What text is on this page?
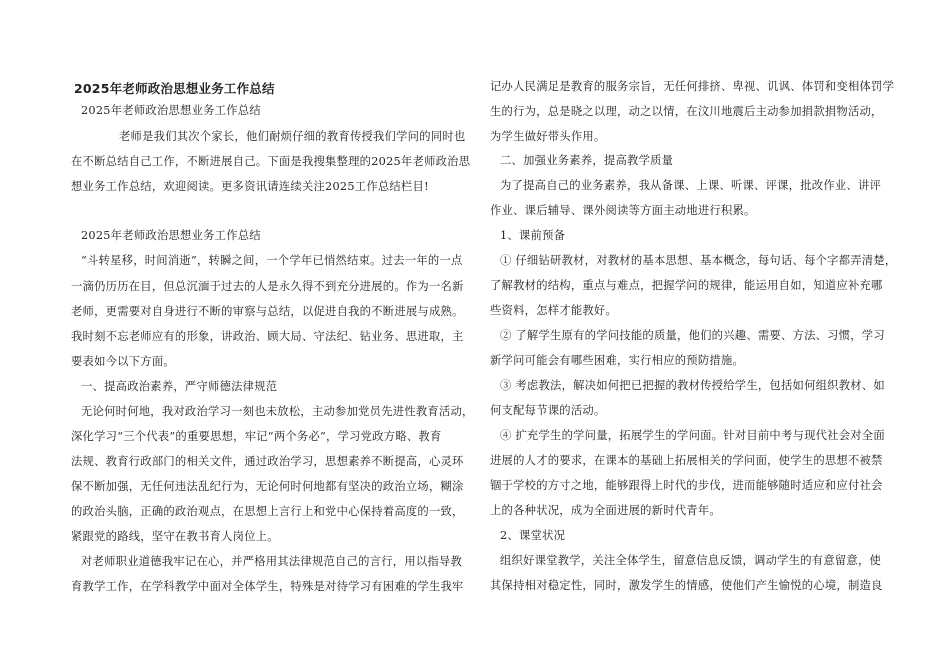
2025年老师政治思想业务工作总结
2025年老师政治思想业务工作总结
老师是我们其次个家长，他们耐烦仔细的教育传授我们学问的同时也
在不断总结自己工作，不断进展自己。下面是我搜集整理的2025年老师政治思
想业务工作总结，欢迎阅读。更多资讯请连续关注2025工作总结栏目!
2025年老师政治思想业务工作总结
“斗转星移，时间消逝”，转瞬之间，一个学年已悄然结束。过去一年的一点
一滴仍历历在目，但总沉湎于过去的人是永久得不到充分进展的。作为一名新
老师，更需要对自身进行不断的审察与总结，以促进自我的不断进展与成熟。
我时刻不忘老师应有的形象，讲政治、顾大局、守法纪、钻业务、思进取，主
要表如今以下方面。
一、提高政治素养，严守师德法律规范
无论何时何地，我对政治学习一刻也未放松，主动参加党员先进性教育活动，
深化学习“三个代表”的重要思想，牢记“两个务必”，学习党政方略、教育
法规、教育行政部门的相关文件，通过政治学习，思想素养不断提高，心灵环
保不断加强，无任何违法乱纪行为，无论何时何地都有坚决的政治立场，糊涂
的政治头脑，正确的政治观点，在思想上言行上和党中心保持着高度的一致，
紧跟党的路线，坚守在教书育人岗位上。
对老师职业道德我牢记在心，并严格用其法律规范自己的言行，用以指导教
育教学工作，在学科教学中面对全体学生，特殊是对待学习有困难的学生我牢
记办人民满足是教育的服务宗旨，无任何排挤、卑视、讥讽、体罚和变相体罚学
生的行为，总是晓之以理，动之以情，在汶川地震后主动参加捐款捐物活动，
为学生做好带头作用。
二、加强业务素养，提高教学质量
为了提高自己的业务素养，我从备课、上课、听课、评课，批改作业、讲评
作业、课后辅导、课外阅读等方面主动地进行积累。
1、课前预备
① 仔细钻研教材，对教材的基本思想、基本概念，每句话、每个字都弄清楚，
了解教材的结构，重点与难点，把握学问的规律，能运用自如，知道应补充哪
些资料，怎样才能教好。
② 了解学生原有的学问技能的质量，他们的兴趣、需要、方法、习惯，学习
新学问可能会有哪些困难，实行相应的预防措施。
③ 考虑教法，解决如何把已把握的教材传授给学生，包括如何组织教材、如
何支配每节课的活动。
④ 扩充学生的学问量，拓展学生的学问面。针对目前中考与现代社会对全面
进展的人才的要求，在课本的基础上拓展相关的学问面，使学生的思想不被禁
锢于学校的方寸之地，能够跟得上时代的步伐，进而能够随时适应和应付社会
上的各种状况，成为全面进展的新时代青年。
2、课堂状况
组织好课堂教学，关注全体学生，留意信息反馈，调动学生的有意留意，使
其保持相对稳定性，同时，激发学生的情感，使他们产生愉悦的心境，制造良
